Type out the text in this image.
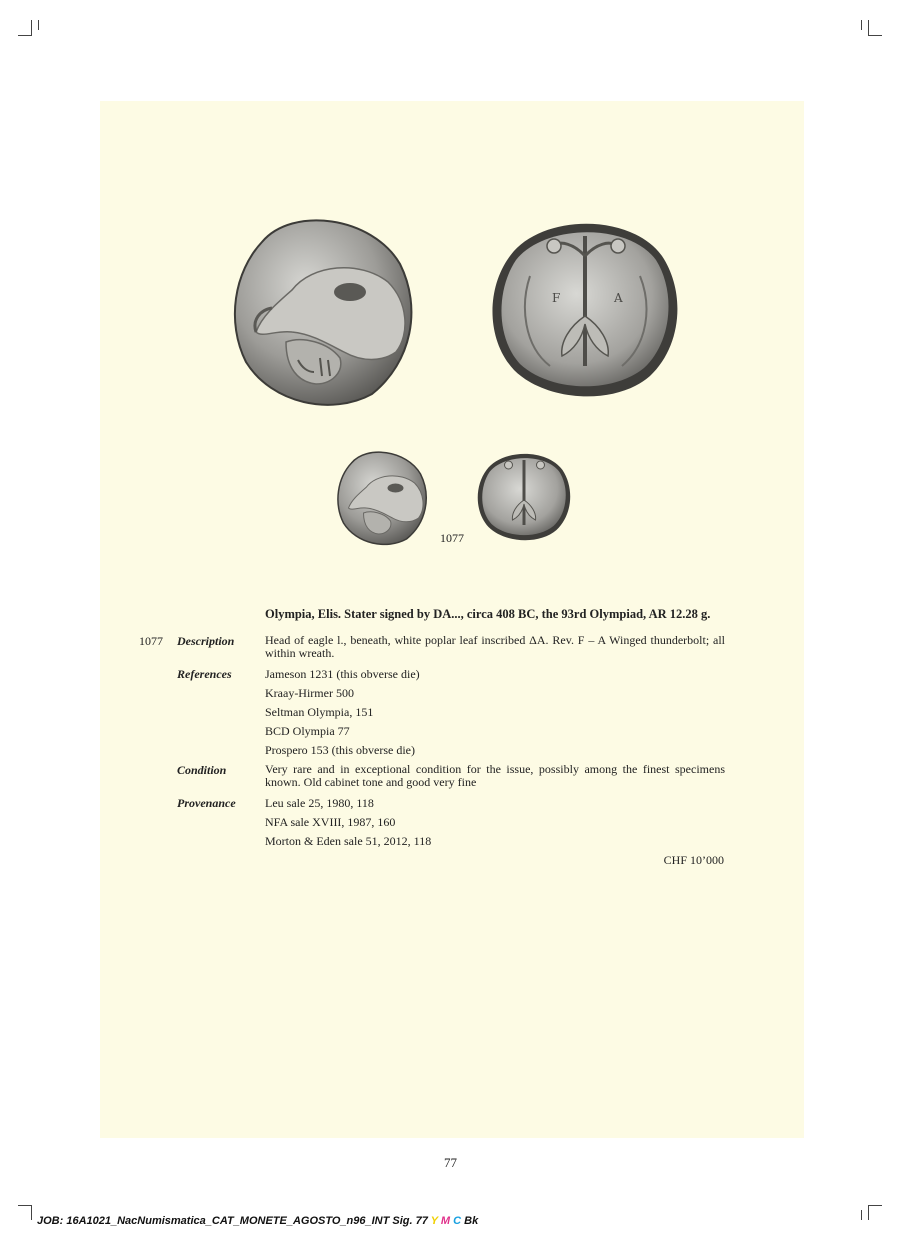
F	A
1077
Olympia, Elis. Stater signed by DA..., circa 408 BC, the 93rd Olympiad, AR 12.28 g.
1077 Description	Head of eagle l., beneath, white poplar leaf inscribed ΔA. Rev. F – A Winged thunderbolt; all within wreath.
References	Jameson 1231 (this obverse die)
Kraay-Hirmer 500
Seltman Olympia, 151
BCD Olympia 77
Prospero 153 (this obverse die)
Condition	Very rare and in exceptional condition for the issue, possibly among the finest specimens known. Old cabinet tone and good very fine
Provenance Leu sale 25, 1980, 118
NFA sale XVIII, 1987, 160
Morton & Eden sale 51, 2012, 118
CHF 10’000
77
JOB: 16A1021_NacNumismatica_CAT_MONETE_AGOSTO_n96_INT Sig. 77 Y M C Bk
